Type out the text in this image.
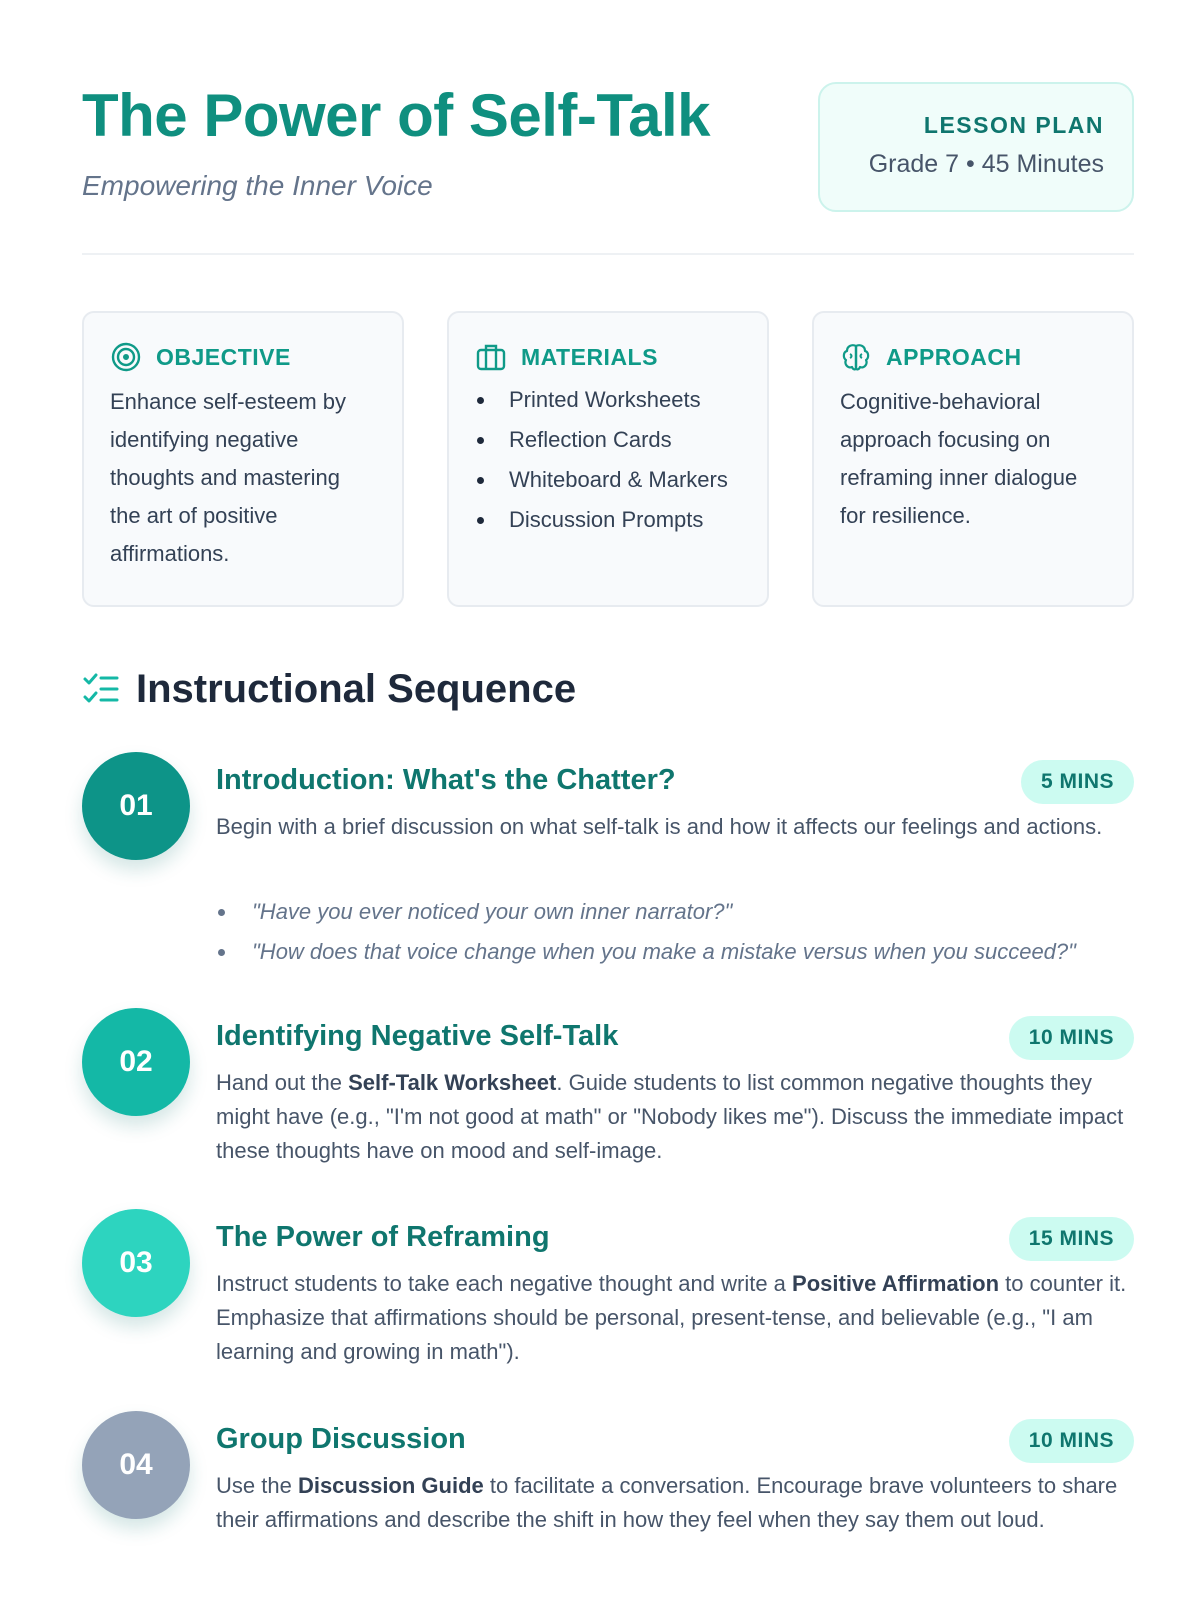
The Power of Self-Talk
Empowering the Inner Voice
LESSON PLAN
Grade 7 • 45 Minutes
OBJECTIVE
Enhance self-esteem by identifying negative thoughts and mastering the art of positive affirmations.
MATERIALS
Printed Worksheets
Reflection Cards
Whiteboard & Markers
Discussion Prompts
APPROACH
Cognitive-behavioral approach focusing on reframing inner dialogue for resilience.
Instructional Sequence
01
Introduction: What's the Chatter?	5 MINS

Begin with a brief discussion on what self-talk is and how it affects our feelings and actions.

"Have you ever noticed your own inner narrator?"
"How does that voice change when you make a mistake versus when you succeed?"
02
Identifying Negative Self-Talk	10 MINS

Hand out the Self-Talk Worksheet. Guide students to list common negative thoughts they might have (e.g., "I'm not good at math" or "Nobody likes me"). Discuss the immediate impact these thoughts have on mood and self-image.

03
The Power of Reframing	15 MINS

Instruct students to take each negative thought and write a Positive Affirmation to counter it. Emphasize that affirmations should be personal, present-tense, and believable (e.g., "I am learning and growing in math").

04
Group Discussion	10 MINS

Use the Discussion Guide to facilitate a conversation. Encourage brave volunteers to share their affirmations and describe the shift in how they feel when they say them out loud.
